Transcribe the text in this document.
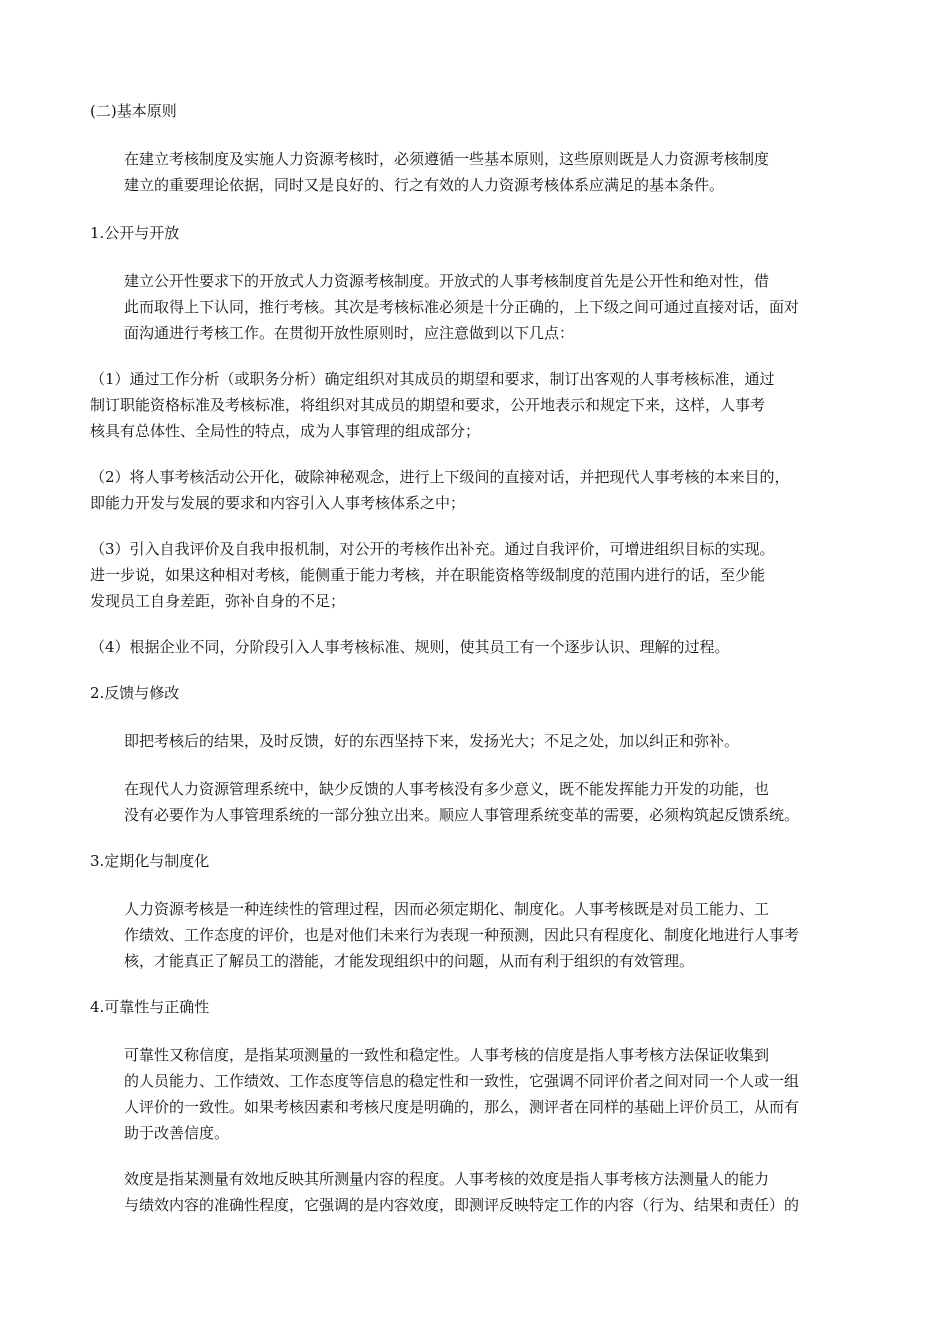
(二)基本原则

在建立考核制度及实施人力资源考核时，必须遵循一些基本原则，这些原则既是人力资源考核制度
建立的重要理论依据，同时又是良好的、行之有效的人力资源考核体系应满足的基本条件。

1.公开与开放

建立公开性要求下的开放式人力资源考核制度。开放式的人事考核制度首先是公开性和绝对性，借
此而取得上下认同，推行考核。其次是考核标准必须是十分正确的，上下级之间可通过直接对话，面对
面沟通进行考核工作。在贯彻开放性原则时，应注意做到以下几点：

（1）通过工作分析（或职务分析）确定组织对其成员的期望和要求，制订出客观的人事考核标准，通过
制订职能资格标准及考核标准，将组织对其成员的期望和要求，公开地表示和规定下来，这样，人事考
核具有总体性、全局性的特点，成为人事管理的组成部分；

（2）将人事考核活动公开化，破除神秘观念，进行上下级间的直接对话，并把现代人事考核的本来目的，
即能力开发与发展的要求和内容引入人事考核体系之中；

（3）引入自我评价及自我申报机制，对公开的考核作出补充。通过自我评价，可增进组织目标的实现。
进一步说，如果这种相对考核，能侧重于能力考核，并在职能资格等级制度的范围内进行的话，至少能
发现员工自身差距，弥补自身的不足；

（4）根据企业不同，分阶段引入人事考核标准、规则，使其员工有一个逐步认识、理解的过程。

2.反馈与修改

即把考核后的结果，及时反馈，好的东西坚持下来，发扬光大；不足之处，加以纠正和弥补。

在现代人力资源管理系统中，缺少反馈的人事考核没有多少意义，既不能发挥能力开发的功能，也
没有必要作为人事管理系统的一部分独立出来。顺应人事管理系统变革的需要，必须构筑起反馈系统。

3.定期化与制度化

人力资源考核是一种连续性的管理过程，因而必须定期化、制度化。人事考核既是对员工能力、工
作绩效、工作态度的评价，也是对他们未来行为表现一种预测，因此只有程度化、制度化地进行人事考
核，才能真正了解员工的潜能，才能发现组织中的问题，从而有利于组织的有效管理。

4.可靠性与正确性

可靠性又称信度，是指某项测量的一致性和稳定性。人事考核的信度是指人事考核方法保证收集到
的人员能力、工作绩效、工作态度等信息的稳定性和一致性，它强调不同评价者之间对同一个人或一组
人评价的一致性。如果考核因素和考核尺度是明确的，那么，测评者在同样的基础上评价员工，从而有
助于改善信度。

效度是指某测量有效地反映其所测量内容的程度。人事考核的效度是指人事考核方法测量人的能力
与绩效内容的准确性程度，它强调的是内容效度，即测评反映特定工作的内容（行为、结果和责任）的
